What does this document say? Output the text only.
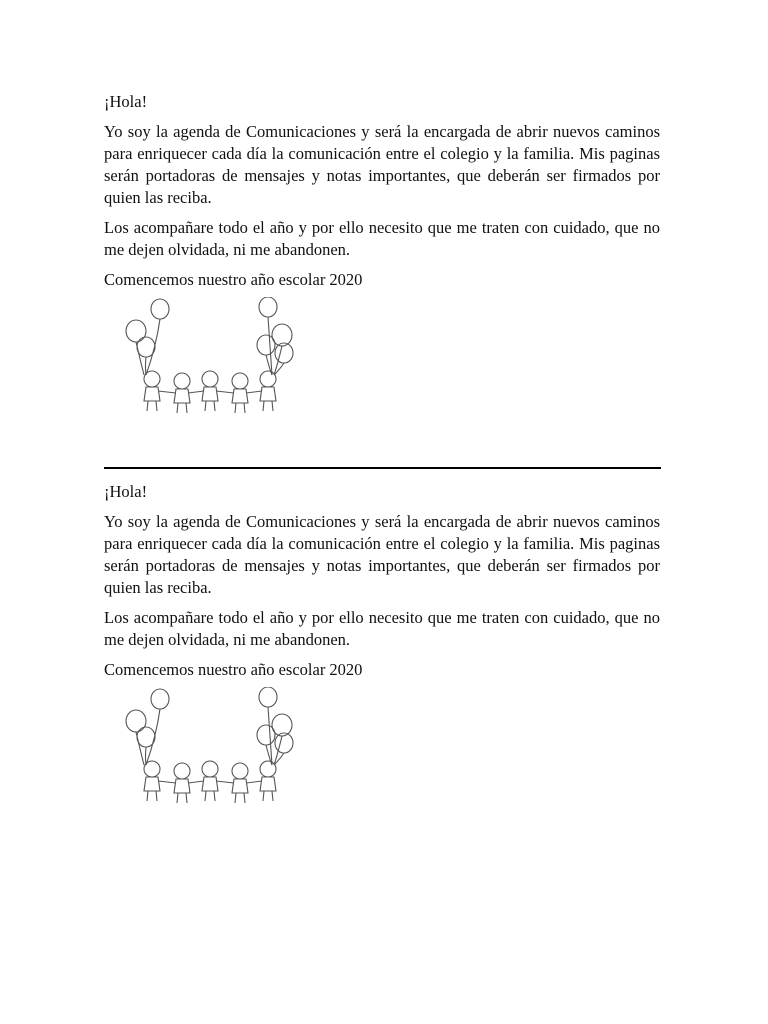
¡Hola!

Yo soy la agenda de Comunicaciones y será la encargada de abrir nuevos caminos para enriquecer cada día la comunicación entre el colegio y la familia. Mis paginas serán portadoras de mensajes y notas importantes, que deberán ser firmados por quien las reciba.

Los acompañare todo el año y por ello necesito que me traten con cuidado, que no me dejen olvidada, ni me abandonen.

Comencemos nuestro año escolar 2020

¡Hola!

Yo soy la agenda de Comunicaciones y será la encargada de abrir nuevos caminos para enriquecer cada día la comunicación entre el colegio y la familia. Mis paginas serán portadoras de mensajes y notas importantes, que deberán ser firmados por quien las reciba.

Los acompañare todo el año y por ello necesito que me traten con cuidado, que no me dejen olvidada, ni me abandonen.

Comencemos nuestro año escolar 2020
